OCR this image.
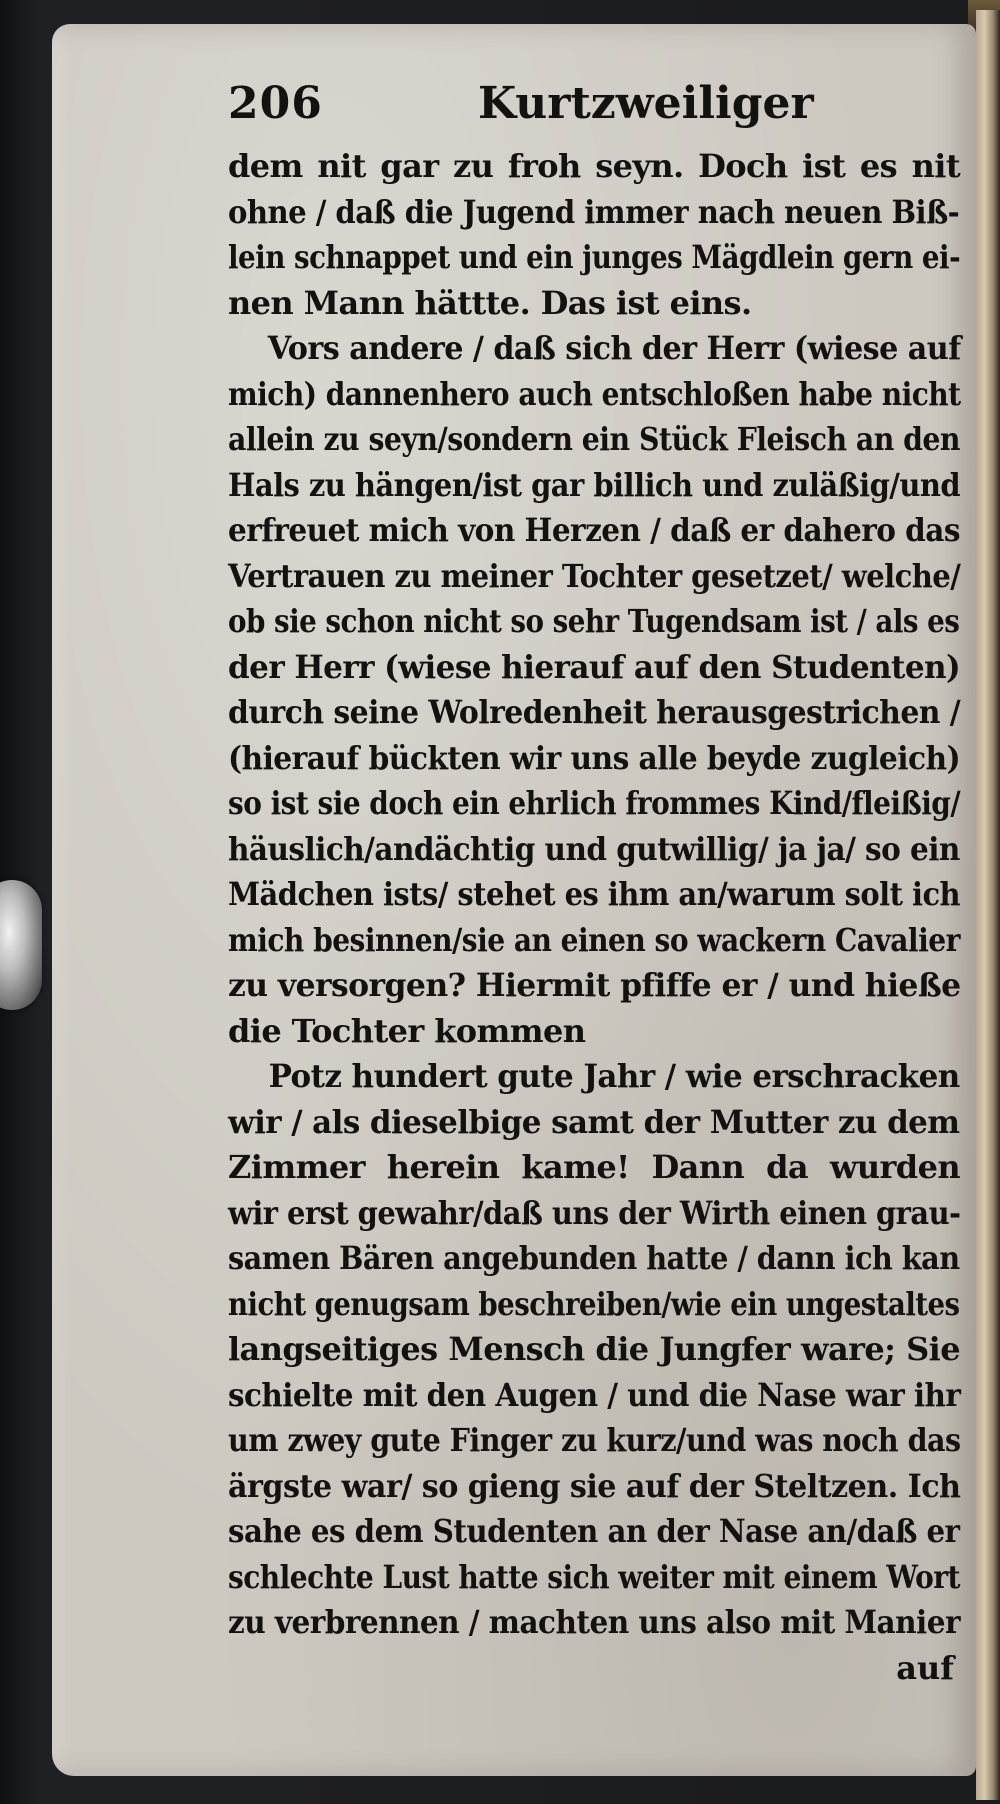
206	Kurtzweiliger
dem nit gar zu froh seyn. Doch ist es nit
ohne / daß die Jugend immer nach neuen Biß-
lein schnappet und ein junges Mägdlein gern ei-
nen Mann hättte. Das ist eins.
Vors andere / daß sich der Herr (wiese auf
mich) dannenhero auch entschloßen habe nicht
allein zu seyn/sondern ein Stück Fleisch an den
Hals zu hängen/ist gar billich und zuläßig/und
erfreuet mich von Herzen / daß er dahero das
Vertrauen zu meiner Tochter gesetzet/ welche/
ob sie schon nicht so sehr Tugendsam ist / als es
der Herr (wiese hierauf auf den Studenten)
durch seine Wolredenheit herausgestrichen /
(hierauf bückten wir uns alle beyde zugleich)
so ist sie doch ein ehrlich frommes Kind/fleißig/
häuslich/andächtig und gutwillig/ ja ja/ so ein
Mädchen ists/ stehet es ihm an/warum solt ich
mich besinnen/sie an einen so wackern Cavalier
zu versorgen? Hiermit pfiffe er / und hieße
die Tochter kommen
Potz hundert gute Jahr / wie erschracken
wir / als dieselbige samt der Mutter zu dem
Zimmer herein kame! Dann da wurden
wir erst gewahr/daß uns der Wirth einen grau-
samen Bären angebunden hatte / dann ich kan
nicht genugsam beschreiben/wie ein ungestaltes
langseitiges Mensch die Jungfer ware; Sie
schielte mit den Augen / und die Nase war ihr
um zwey gute Finger zu kurz/und was noch das
ärgste war/ so gieng sie auf der Steltzen. Ich
sahe es dem Studenten an der Nase an/daß er
schlechte Lust hatte sich weiter mit einem Wort
zu verbrennen / machten uns also mit Manier
auf
